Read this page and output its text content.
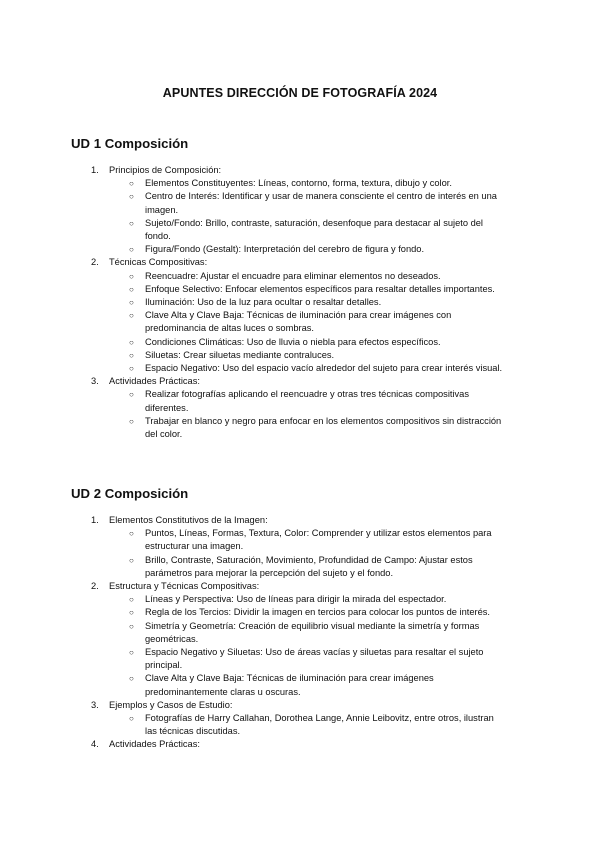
APUNTES DIRECCIÓN DE FOTOGRAFÍA 2024
UD 1 Composición
1. Principios de Composición:
○ Elementos Constituyentes: Líneas, contorno, forma, textura, dibujo y color.
○ Centro de Interés: Identificar y usar de manera consciente el centro de interés en una imagen.
○ Sujeto/Fondo: Brillo, contraste, saturación, desenfoque para destacar al sujeto del fondo.
○ Figura/Fondo (Gestalt): Interpretación del cerebro de figura y fondo.
2. Técnicas Compositivas:
○ Reencuadre: Ajustar el encuadre para eliminar elementos no deseados.
○ Enfoque Selectivo: Enfocar elementos específicos para resaltar detalles importantes.
○ Iluminación: Uso de la luz para ocultar o resaltar detalles.
○ Clave Alta y Clave Baja: Técnicas de iluminación para crear imágenes con predominancia de altas luces o sombras.
○ Condiciones Climáticas: Uso de lluvia o niebla para efectos específicos.
○ Siluetas: Crear siluetas mediante contraluces.
○ Espacio Negativo: Uso del espacio vacío alrededor del sujeto para crear interés visual.
3. Actividades Prácticas:
○ Realizar fotografías aplicando el reencuadre y otras tres técnicas compositivas diferentes.
○ Trabajar en blanco y negro para enfocar en los elementos compositivos sin distracción del color.
UD 2 Composición
1. Elementos Constitutivos de la Imagen:
○ Puntos, Líneas, Formas, Textura, Color: Comprender y utilizar estos elementos para estructurar una imagen.
○ Brillo, Contraste, Saturación, Movimiento, Profundidad de Campo: Ajustar estos parámetros para mejorar la percepción del sujeto y el fondo.
2. Estructura y Técnicas Compositivas:
○ Líneas y Perspectiva: Uso de líneas para dirigir la mirada del espectador.
○ Regla de los Tercios: Dividir la imagen en tercios para colocar los puntos de interés.
○ Simetría y Geometría: Creación de equilibrio visual mediante la simetría y formas geométricas.
○ Espacio Negativo y Siluetas: Uso de áreas vacías y siluetas para resaltar el sujeto principal.
○ Clave Alta y Clave Baja: Técnicas de iluminación para crear imágenes predominantemente claras u oscuras.
3. Ejemplos y Casos de Estudio:
○ Fotografías de Harry Callahan, Dorothea Lange, Annie Leibovitz, entre otros, ilustran las técnicas discutidas.
4. Actividades Prácticas:
